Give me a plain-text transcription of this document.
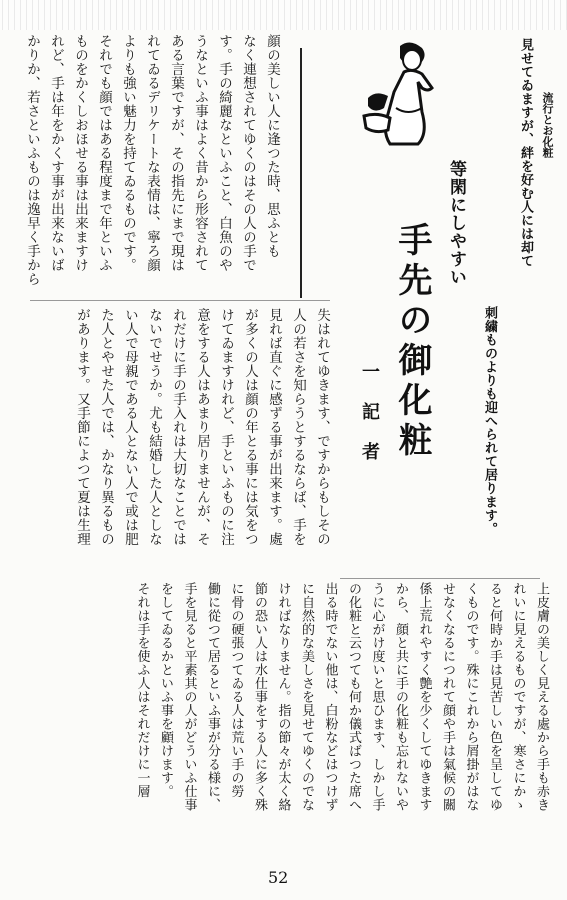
流行とお化粧
見せてゐますが、絆を好む人には却て
刺繍ものよりも迎へられて居ります。
等閑にしやすい
手先の御化粧
一記者
顔の美しい人に逢つた時、思ふとも
なく連想されてゆくのはその人の手で
す。手の綺麗なといふこと、白魚のや
うなといふ事はよく昔から形容されて
ある言葉ですが、その指先にまで現は
れてゐるデリケートな表情は、寧ろ顔
よりも強い魅力を持てゐるものです。
それでも顔ではある程度まで年といふ
ものをかくしおほせる事は出来ますけ
れど、手は年をかくす事が出来ないば
かりか、若さといふものは逸早く手から
失はれてゆきます、ですからもしその
人の若さを知らうとするならば、手を
見れば直ぐに感ずる事が出来ます。處
が多くの人は顔の年とる事には気をつ
けてゐますけれど、手といふものに注
意をする人はあまり居りませんが、そ
れだけに手の手入れは大切なことでは
ないでせうか。尤も結婚した人としな
い人で母親である人とない人で或は肥
た人とやせた人では、かなり異るもの
があります。又手節によつて夏は生理
上皮膚の美しく見える處から手も赤き
れいに見えるものですが、寒さにかゝ
ると何時か手は見苦しい色を呈してゆ
くものです。殊にこれから屑掛がはな
せなくなるにつれて顔や手は氣候の關
係上荒れやすく艶を少くしてゆきます
から、顔と共に手の化粧も忘れないや
うに心がけ度いと思ひます、しかし手
の化粧と云つても何か儀式ばつた席へ
出る時でない他は、白粉などはつけず
に自然的な美しさを見せてゆくのでな
ければなりません。指の節々が太く絡
節の恐い人は水仕事をする人に多く殊
に骨の硬張つてゐる人は荒い手の勞
働に從つて居るといふ事が分る様に、
手を見ると平素其の人がどういふ仕事
をしてゐるかといふ事を顧けます。
それは手を使ふ人はそれだけに一層
52
